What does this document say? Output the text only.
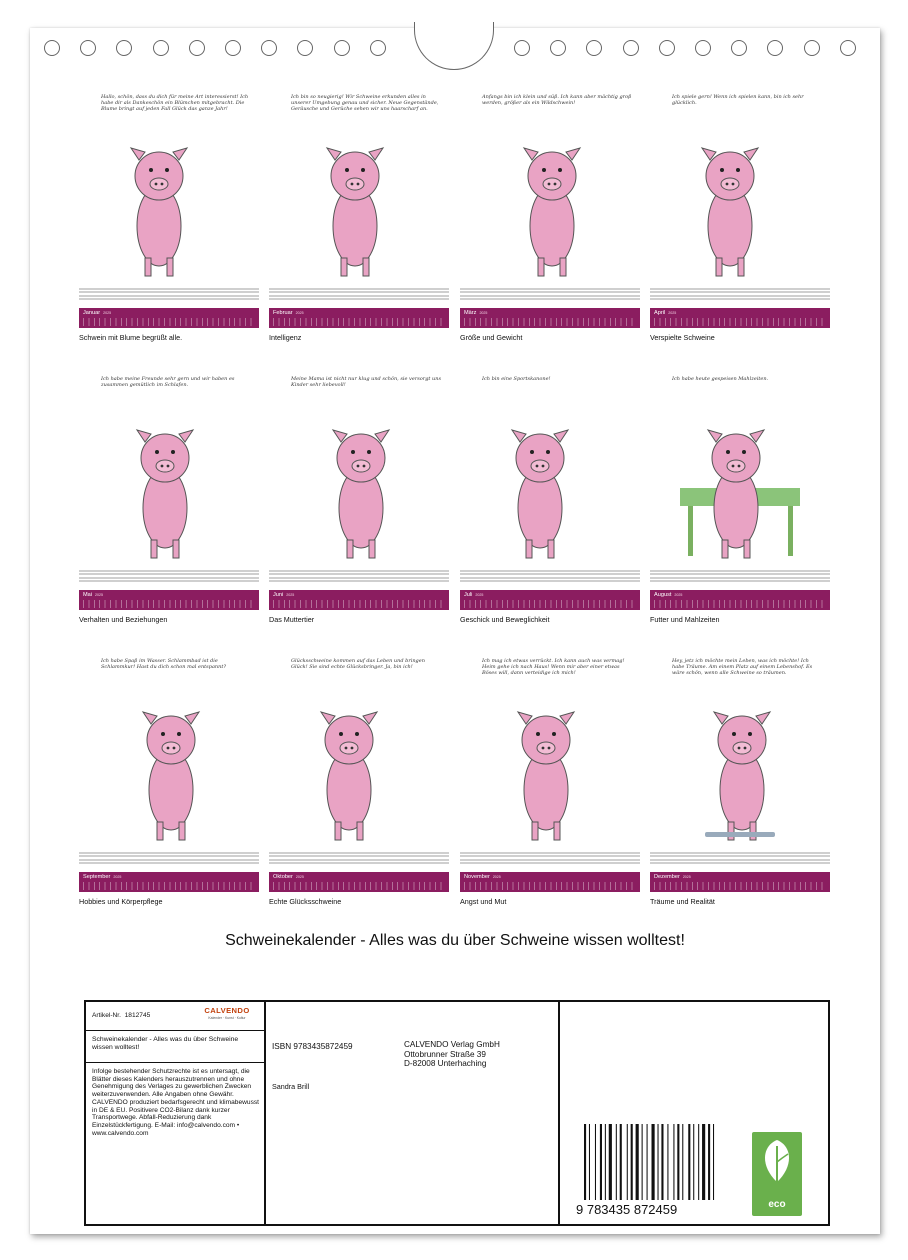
Hallo, schön, dass du dich für meine Art interessierst! Ich habe dir als Dankeschön ein Blümchen mitgebracht. Die Blume bringt auf jeden Fall Glück das ganze Jahr!
Januar 2025
Schwein mit Blume begrüßt alle.
Ich bin so neugierig! Wir Schweine erkunden alles in unserer Umgebung genau und sicher. Neue Gegenstände, Geräusche und Gerüche sehen wir uns haarscharf an.
Februar 2025
Intelligenz
Anfangs bin ich klein und süß. Ich kann aber mächtig groß werden, größer als ein Wildschwein!
März 2025
Größe und Gewicht
Ich spiele gern! Wenn ich spielen kann, bin ich sehr glücklich.
April 2025
Verspielte Schweine
Ich habe meine Freunde sehr gern und wir haben es zusammen gemütlich im Schlafen.
Mai 2025
Verhalten und Beziehungen
Meine Mama ist nicht nur klug und schön, sie versorgt uns Kinder sehr liebevoll!
Juni 2025
Das Muttertier
Ich bin eine Sportskanone!
Juli 2025
Geschick und Beweglichkeit
Ich habe heute gespeisen Mahlzeiten.
August 2025
Futter und Mahlzeiten
Ich habe Spaß im Wasser. Schlammbad ist die Schlammkur! Hast du dich schon mal entspannt?
September 2025
Hobbies und Körperpflege
Glücksschweine kommen auf das Leben und bringen Glück! Sie sind echte Glücksbringer. Ja, bin ich!
Oktober 2025
Echte Glücksschweine
Ich mag ich etwas verrückt. Ich kann auch was vermag! Heim gehe ich nach Haus! Wenn mir aber einer etwas Böses will, dann verteidige ich mich!
November 2025
Angst und Mut
Hey, jetz ich möchte mein Leben, was ich möchte! Ich habe Träume. Am einem Platz auf einem Lebenshof. Es wäre schön, wenn alle Schweine so träumen.
Dezember 2025
Träume und Realität
Schweinekalender - Alles was du über Schweine wissen wolltest!
Artikel-Nr. 1812745
CALVENDO
Kalender · Kunst · Kultur
Schweinekalender - Alles was du über Schweine wissen wolltest!
Infolge bestehender Schutzrechte ist es untersagt, die Blätter dieses Kalenders herauszutrennen und ohne Genehmigung des Verlages zu gewerblichen Zwecken weiterzuverwenden. Alle Angaben ohne Gewähr. CALVENDO produziert bedarfsgerecht und klimabewusst in DE & EU. Positivere CO2-Bilanz dank kurzer Transportwege. Abfall-Reduzierung dank Einzelstückfertigung. E-Mail: info@calvendo.com • www.calvendo.com
ISBN 9783435872459
Sandra Brill
CALVENDO Verlag GmbH
Ottobrunner Straße 39
D-82008 Unterhaching
9 783435 872459	eco
